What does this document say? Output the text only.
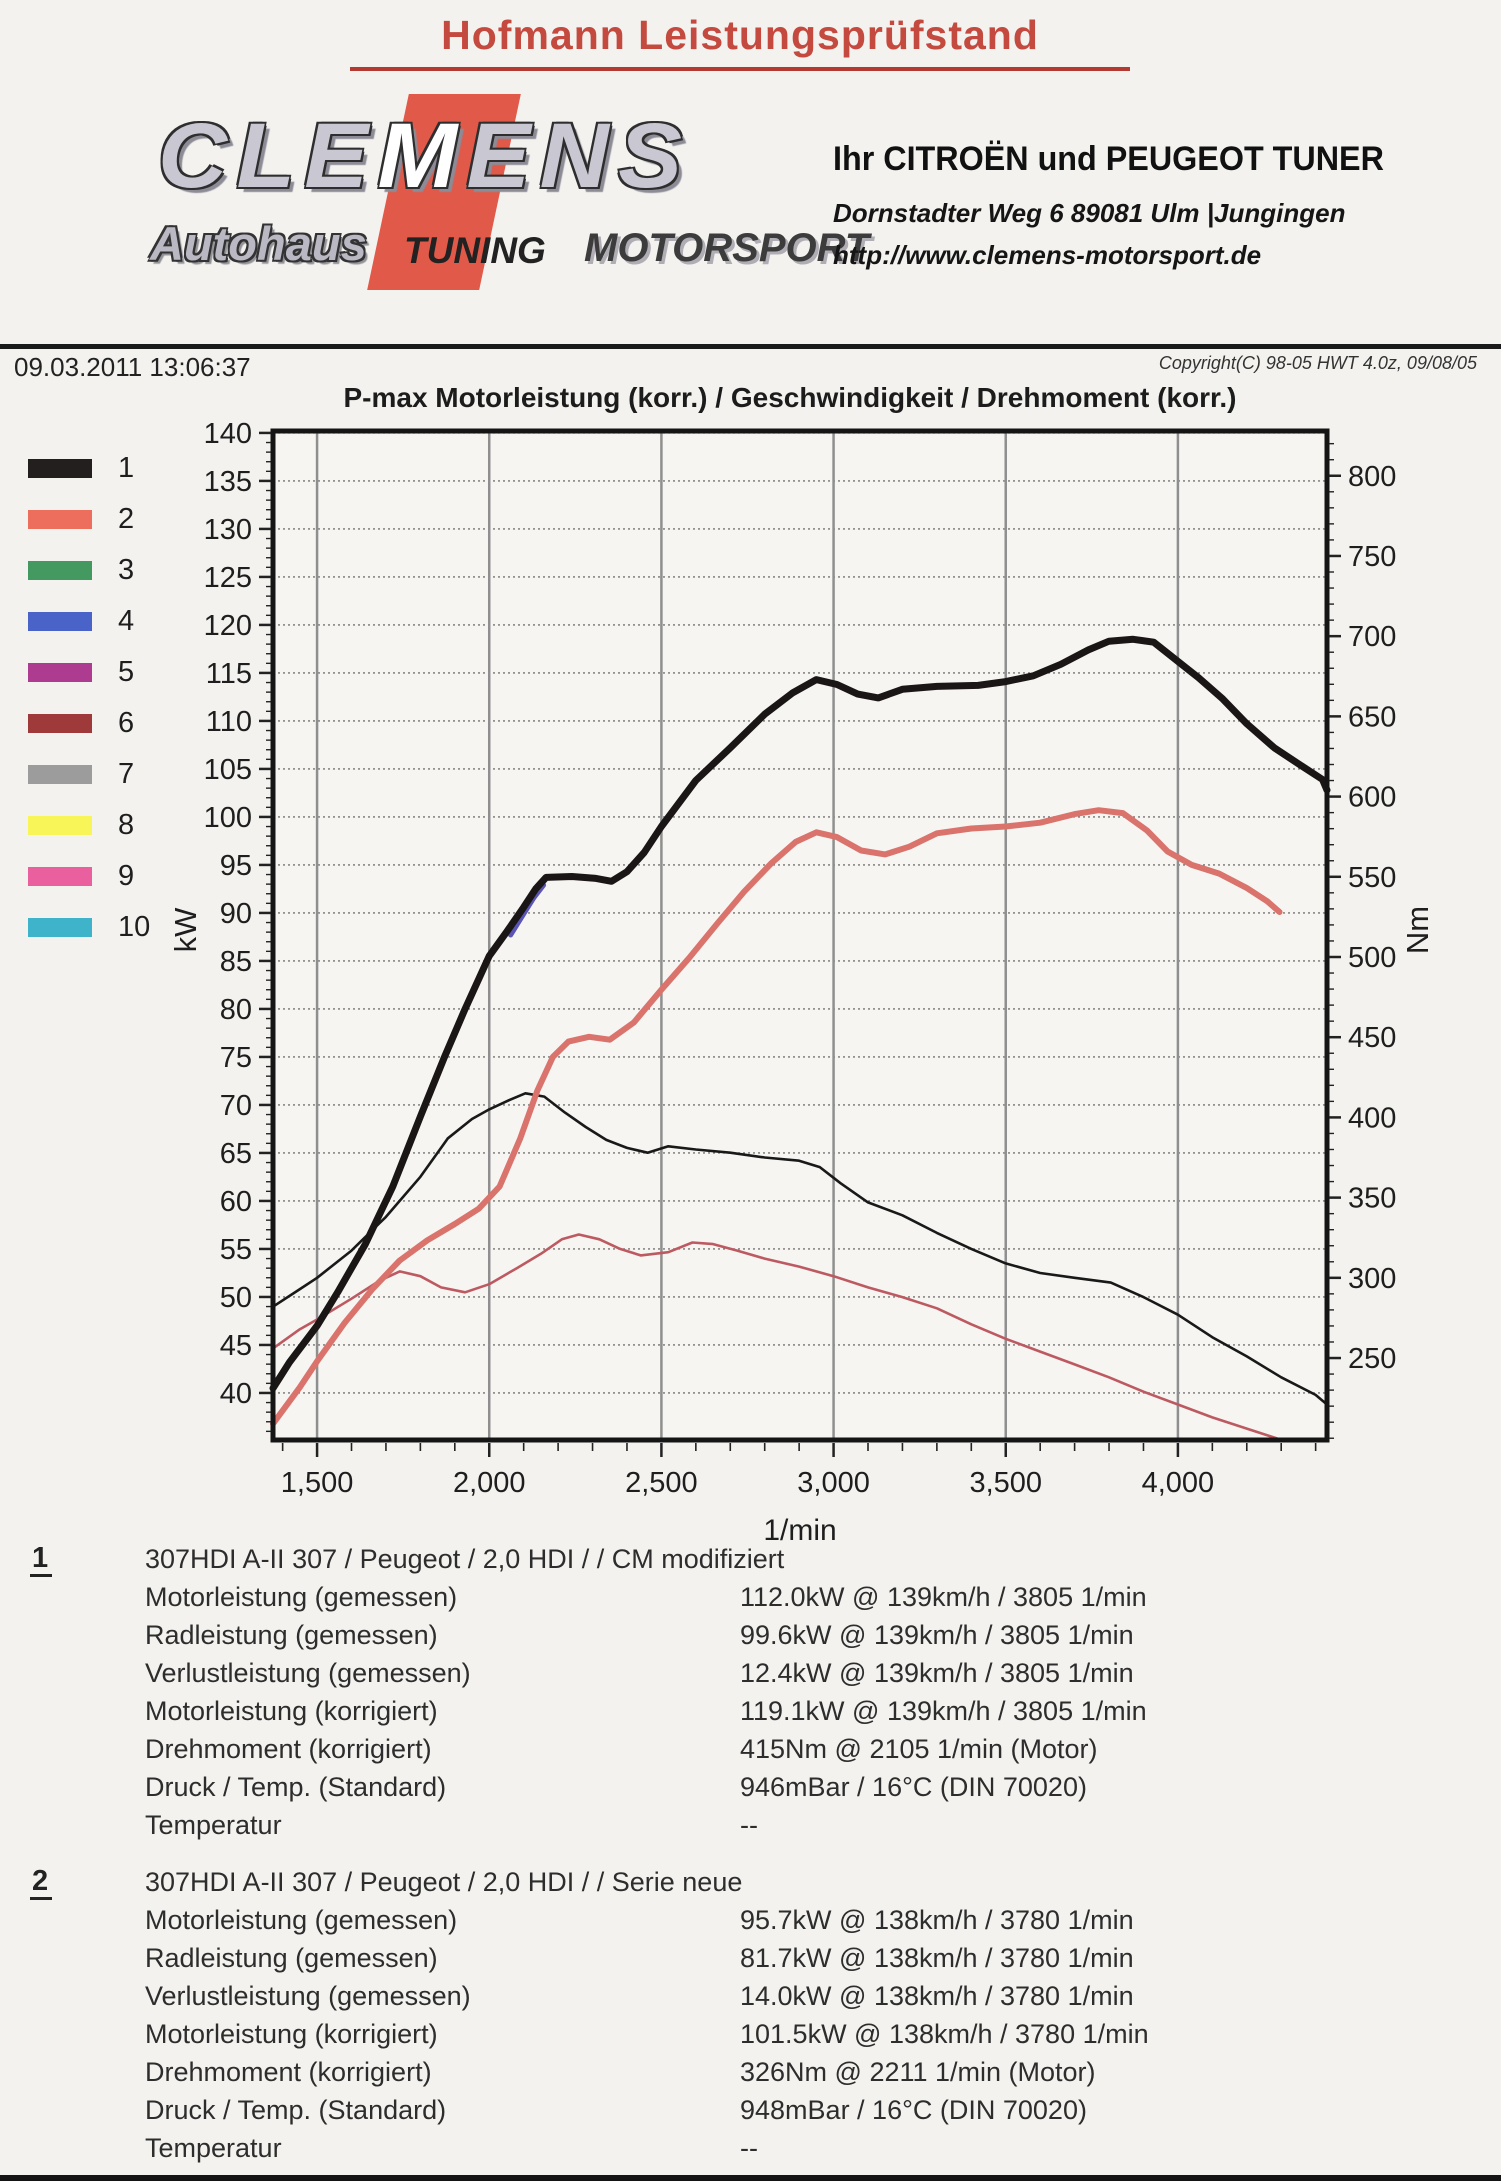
Hofmann Leistungsprüfstand
CLEMENS
Autohaus TUNING MOTORSPORT
Ihr CITROËN und PEUGEOT TUNER
Dornstadter Weg 6 89081 Ulm |Jungingen
http://www.clemens-motorsport.de
09.03.2011 13:06:37	Copyright(C) 98-05 HWT 4.0z, 09/08/05
P-max Motorleistung (korr.) / Geschwindigkeit / Drehmoment (korr.)
1
2
3
4
5
6
7
8
9
10
40
45
50
55
60
65
70
75
80
85
90
95
100
105
110
115
120
125
130
135
140
250
300
350
400
450
500
550
600
650
700
750
800
1,500	2,000	2,500	3,000	3,500	4,000
kW	Nm
1/min
1	307HDI A-II 307 / Peugeot / 2,0 HDI / / CM modifiziert
Motorleistung (gemessen)	112.0kW @ 139km/h / 3805 1/min
Radleistung (gemessen)	99.6kW @ 139km/h / 3805 1/min
Verlustleistung (gemessen)	12.4kW @ 139km/h / 3805 1/min
Motorleistung (korrigiert)	119.1kW @ 139km/h / 3805 1/min
Drehmoment (korrigiert)	415Nm @ 2105 1/min (Motor)
Druck / Temp. (Standard)	946mBar / 16°C (DIN 70020)
Temperatur	--
2	307HDI A-II 307 / Peugeot / 2,0 HDI / / Serie neue
Motorleistung (gemessen)	95.7kW @ 138km/h / 3780 1/min
Radleistung (gemessen)	81.7kW @ 138km/h / 3780 1/min
Verlustleistung (gemessen)	14.0kW @ 138km/h / 3780 1/min
Motorleistung (korrigiert)	101.5kW @ 138km/h / 3780 1/min
Drehmoment (korrigiert)	326Nm @ 2211 1/min (Motor)
Druck / Temp. (Standard)	948mBar / 16°C (DIN 70020)
Temperatur	--
